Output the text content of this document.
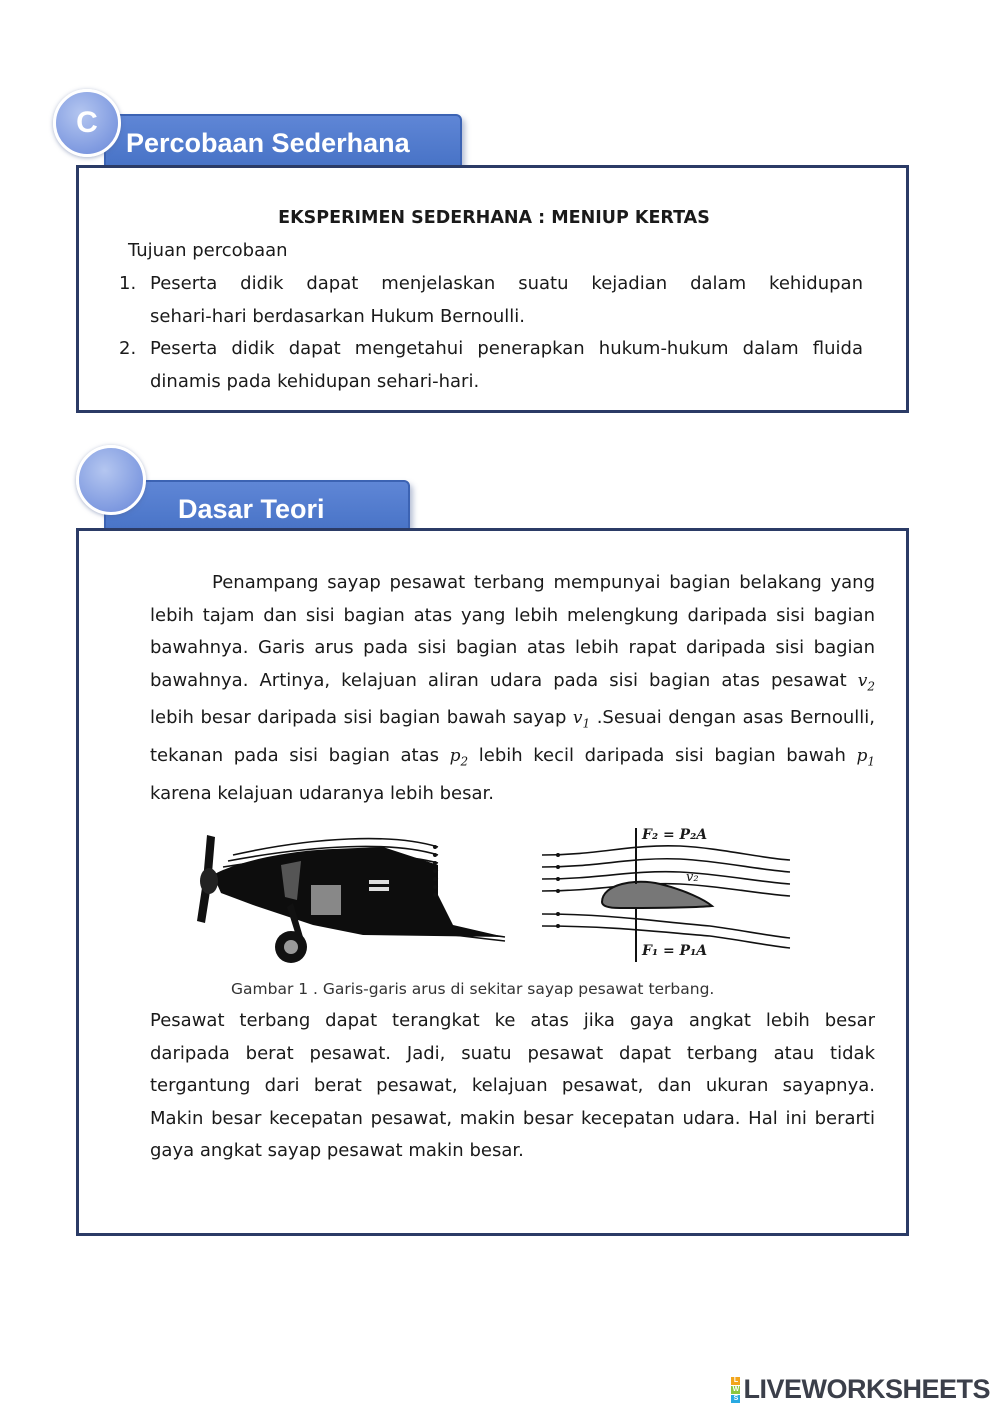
Percobaan Sederhana
C
EKSPERIMEN SEDERHANA : MENIUP KERTAS
Tujuan percobaan
1. Peserta didik dapat menjelaskan suatu kejadian dalam kehidupan
sehari-hari berdasarkan Hukum Bernoulli.
2. Peserta didik dapat mengetahui penerapkan hukum-hukum dalam fluida
dinamis pada kehidupan sehari-hari.
Dasar Teori
Penampang sayap pesawat terbang mempunyai bagian belakang yang
lebih tajam dan sisi bagian atas yang lebih melengkung daripada sisi bagian
bawahnya. Garis arus pada sisi bagian atas lebih rapat daripada sisi bagian
bawahnya. Artinya, kelajuan aliran udara pada sisi bagian atas pesawat $v_2$
lebih besar daripada sisi bagian bawah sayap $v_1$ .Sesuai dengan asas Bernoulli,
tekanan pada sisi bagian atas $p_2$ lebih kecil daripada sisi bagian bawah $p_1$
karena kelajuan udaranya lebih besar.
F₂ = P₂A
v₂
F₁ = P₁A
Gambar 1 . Garis-garis arus di sekitar sayap pesawat terbang.
Pesawat terbang dapat terangkat ke atas jika gaya angkat lebih besar
daripada berat pesawat. Jadi, suatu pesawat dapat terbang atau tidak
tergantung dari berat pesawat, kelajuan pesawat, dan ukuran sayapnya.
Makin besar kecepatan pesawat, makin besar kecepatan udara. Hal ini berarti
gaya angkat sayap pesawat makin besar.
L
W
S LIVEWORKSHEETS
